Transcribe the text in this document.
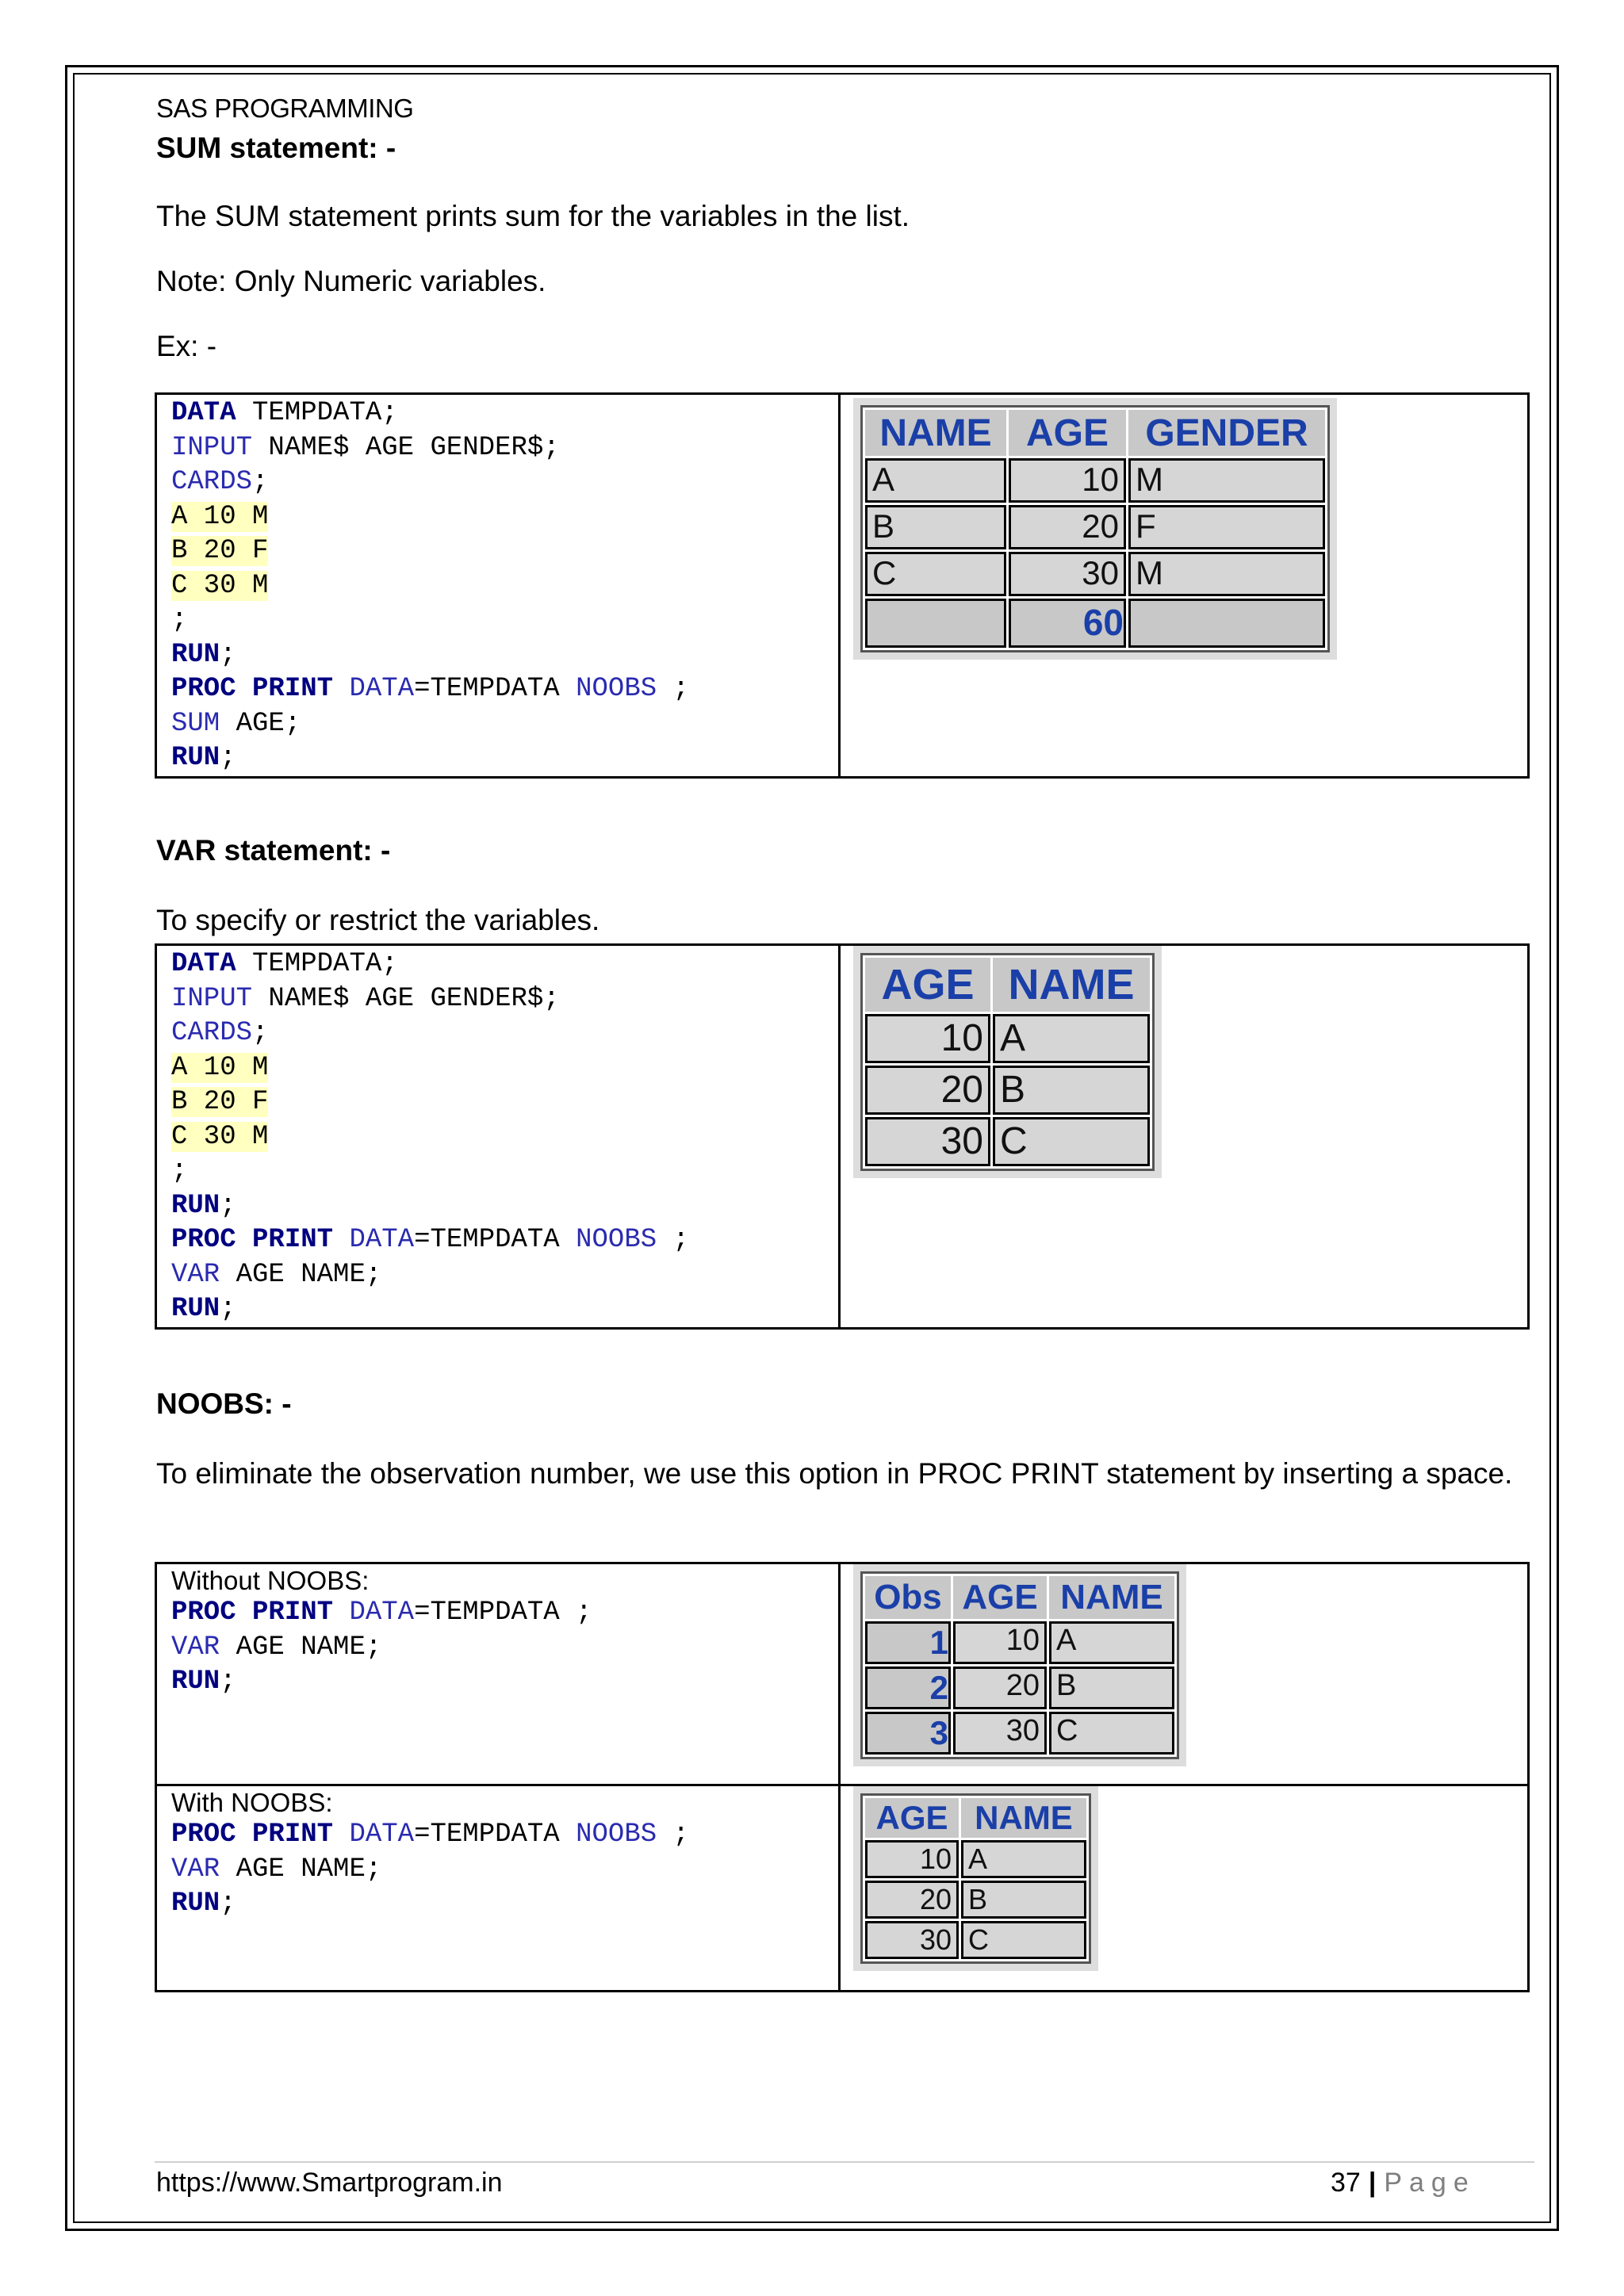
SAS PROGRAMMING
SUM statement: -
The SUM statement prints sum for the variables in the list.
Note: Only Numeric variables.
Ex: -
DATA TEMPDATA;
INPUT NAME$ AGE GENDER$;
CARDS;
A 10 M
B 20 F
C 30 M
;
RUN;
PROC PRINT DATA=TEMPDATA NOOBS ;
SUM AGE;
RUN;

NAME	AGE	GENDER
A	10	M
B	20	F
C	30	M
	60	
VAR statement: -
To specify or restrict the variables.
DATA TEMPDATA;
INPUT NAME$ AGE GENDER$;
CARDS;
A 10 M
B 20 F
C 30 M
;
RUN;
PROC PRINT DATA=TEMPDATA NOOBS ;
VAR AGE NAME;
RUN;

AGE	NAME
10	A
20	B
30	C
NOOBS: -
To eliminate the observation number, we use this option in PROC PRINT statement by inserting a space.
Without NOOBS:
PROC PRINT DATA=TEMPDATA ;
VAR AGE NAME;
RUN;

Obs	AGE	NAME
1	10	A
2	20	B
3	30	C

With NOOBS:
PROC PRINT DATA=TEMPDATA NOOBS ;
VAR AGE NAME;
RUN;

AGE	NAME
10	A
20	B
30	C
https://www.Smartprogram.in	37 | Page
